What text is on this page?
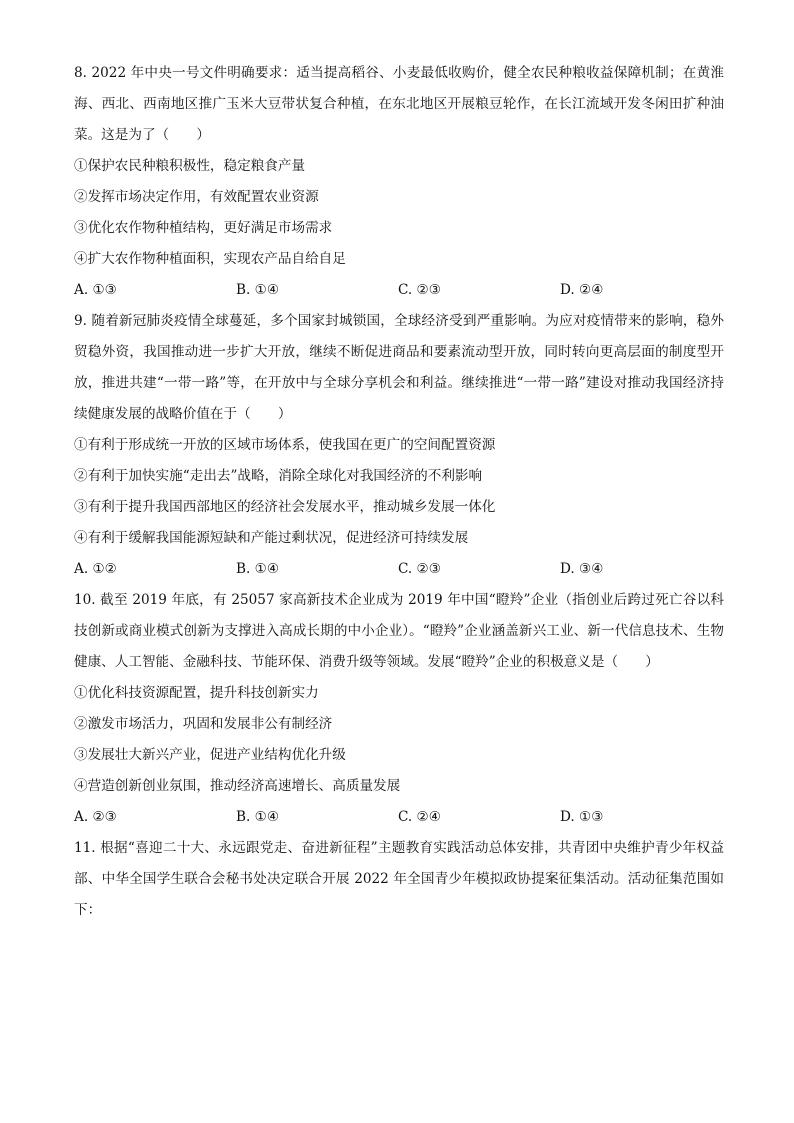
8. 2022 年中央一号文件明确要求：适当提高稻谷、小麦最低收购价，健全农民种粮收益保障机制；在黄淮海、西北、西南地区推广玉米大豆带状复合种植，在东北地区开展粮豆轮作，在长江流域开发冬闲田扩种油菜。这是为了（　　）

①保护农民种粮积极性，稳定粮食产量

②发挥市场决定作用，有效配置农业资源

③优化农作物种植结构，更好满足市场需求

④扩大农作物种植面积，实现农产品自给自足

A. ①③	B. ①④	C. ②③	D. ②④

9. 随着新冠肺炎疫情全球蔓延，多个国家封城锁国，全球经济受到严重影响。为应对疫情带来的影响，稳外贸稳外资，我国推动进一步扩大开放，继续不断促进商品和要素流动型开放，同时转向更高层面的制度型开放，推进共建“一带一路”等，在开放中与全球分享机会和利益。继续推进“一带一路”建设对推动我国经济持续健康发展的战略价值在于（　　）

①有利于形成统一开放的区域市场体系，使我国在更广的空间配置资源

②有利于加快实施“走出去”战略，消除全球化对我国经济的不利影响

③有利于提升我国西部地区的经济社会发展水平，推动城乡发展一体化

④有利于缓解我国能源短缺和产能过剩状况，促进经济可持续发展

A. ①②	B. ①④	C. ②③	D. ③④

10. 截至 2019 年底，有 25057 家高新技术企业成为 2019 年中国“瞪羚”企业（指创业后跨过死亡谷以科技创新或商业模式创新为支撑进入高成长期的中小企业）。“瞪羚”企业涵盖新兴工业、新一代信息技术、生物健康、人工智能、金融科技、节能环保、消费升级等领域。发展“瞪羚”企业的积极意义是（　　）

①优化科技资源配置，提升科技创新实力

②激发市场活力，巩固和发展非公有制经济

③发展壮大新兴产业，促进产业结构优化升级

④营造创新创业氛围，推动经济高速增长、高质量发展

A. ②③	B. ①④	C. ②④	D. ①③

11. 根据“喜迎二十大、永远跟党走、奋进新征程”主题教育实践活动总体安排，共青团中央维护青少年权益部、中华全国学生联合会秘书处决定联合开展 2022 年全国青少年模拟政协提案征集活动。活动征集范围如下：
